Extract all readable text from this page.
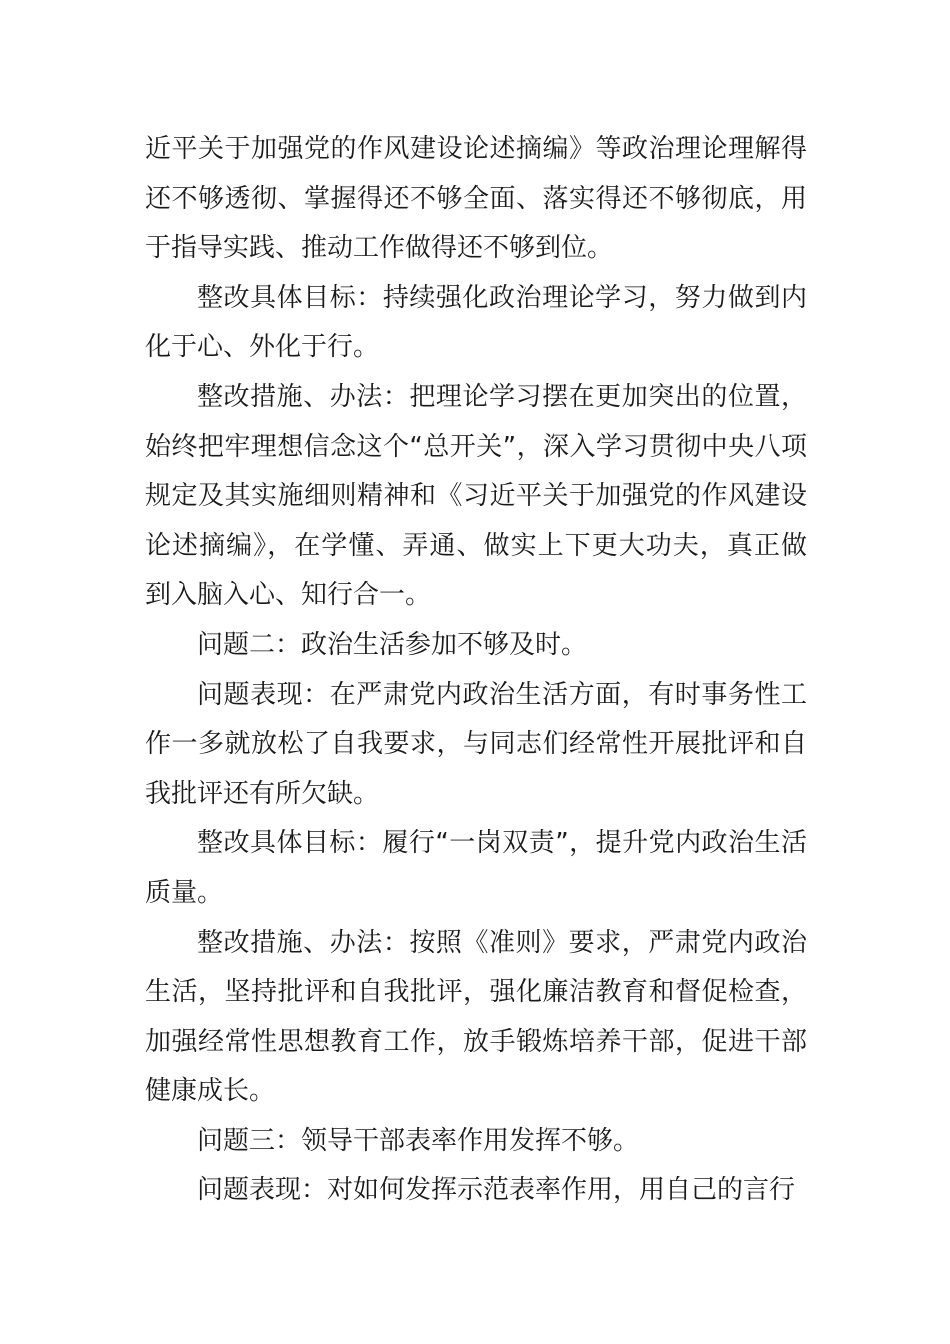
近平关于加强党的作风建设论述摘编》等政治理论理解得还不够透彻、掌握得还不够全面、落实得还不够彻底，用于指导实践、推动工作做得还不够到位。

整改具体目标：持续强化政治理论学习，努力做到内化于心、外化于行。

整改措施、办法：把理论学习摆在更加突出的位置，始终把牢理想信念这个“总开关”，深入学习贯彻中央八项规定及其实施细则精神和《习近平关于加强党的作风建设论述摘编》，在学懂、弄通、做实上下更大功夫，真正做到入脑入心、知行合一。

问题二：政治生活参加不够及时。

问题表现：在严肃党内政治生活方面，有时事务性工作一多就放松了自我要求，与同志们经常性开展批评和自我批评还有所欠缺。

整改具体目标：履行“一岗双责”，提升党内政治生活质量。

整改措施、办法：按照《准则》要求，严肃党内政治生活，坚持批评和自我批评，强化廉洁教育和督促检查，加强经常性思想教育工作，放手锻炼培养干部，促进干部健康成长。

问题三：领导干部表率作用发挥不够。

问题表现：对如何发挥示范表率作用，用自己的言行
